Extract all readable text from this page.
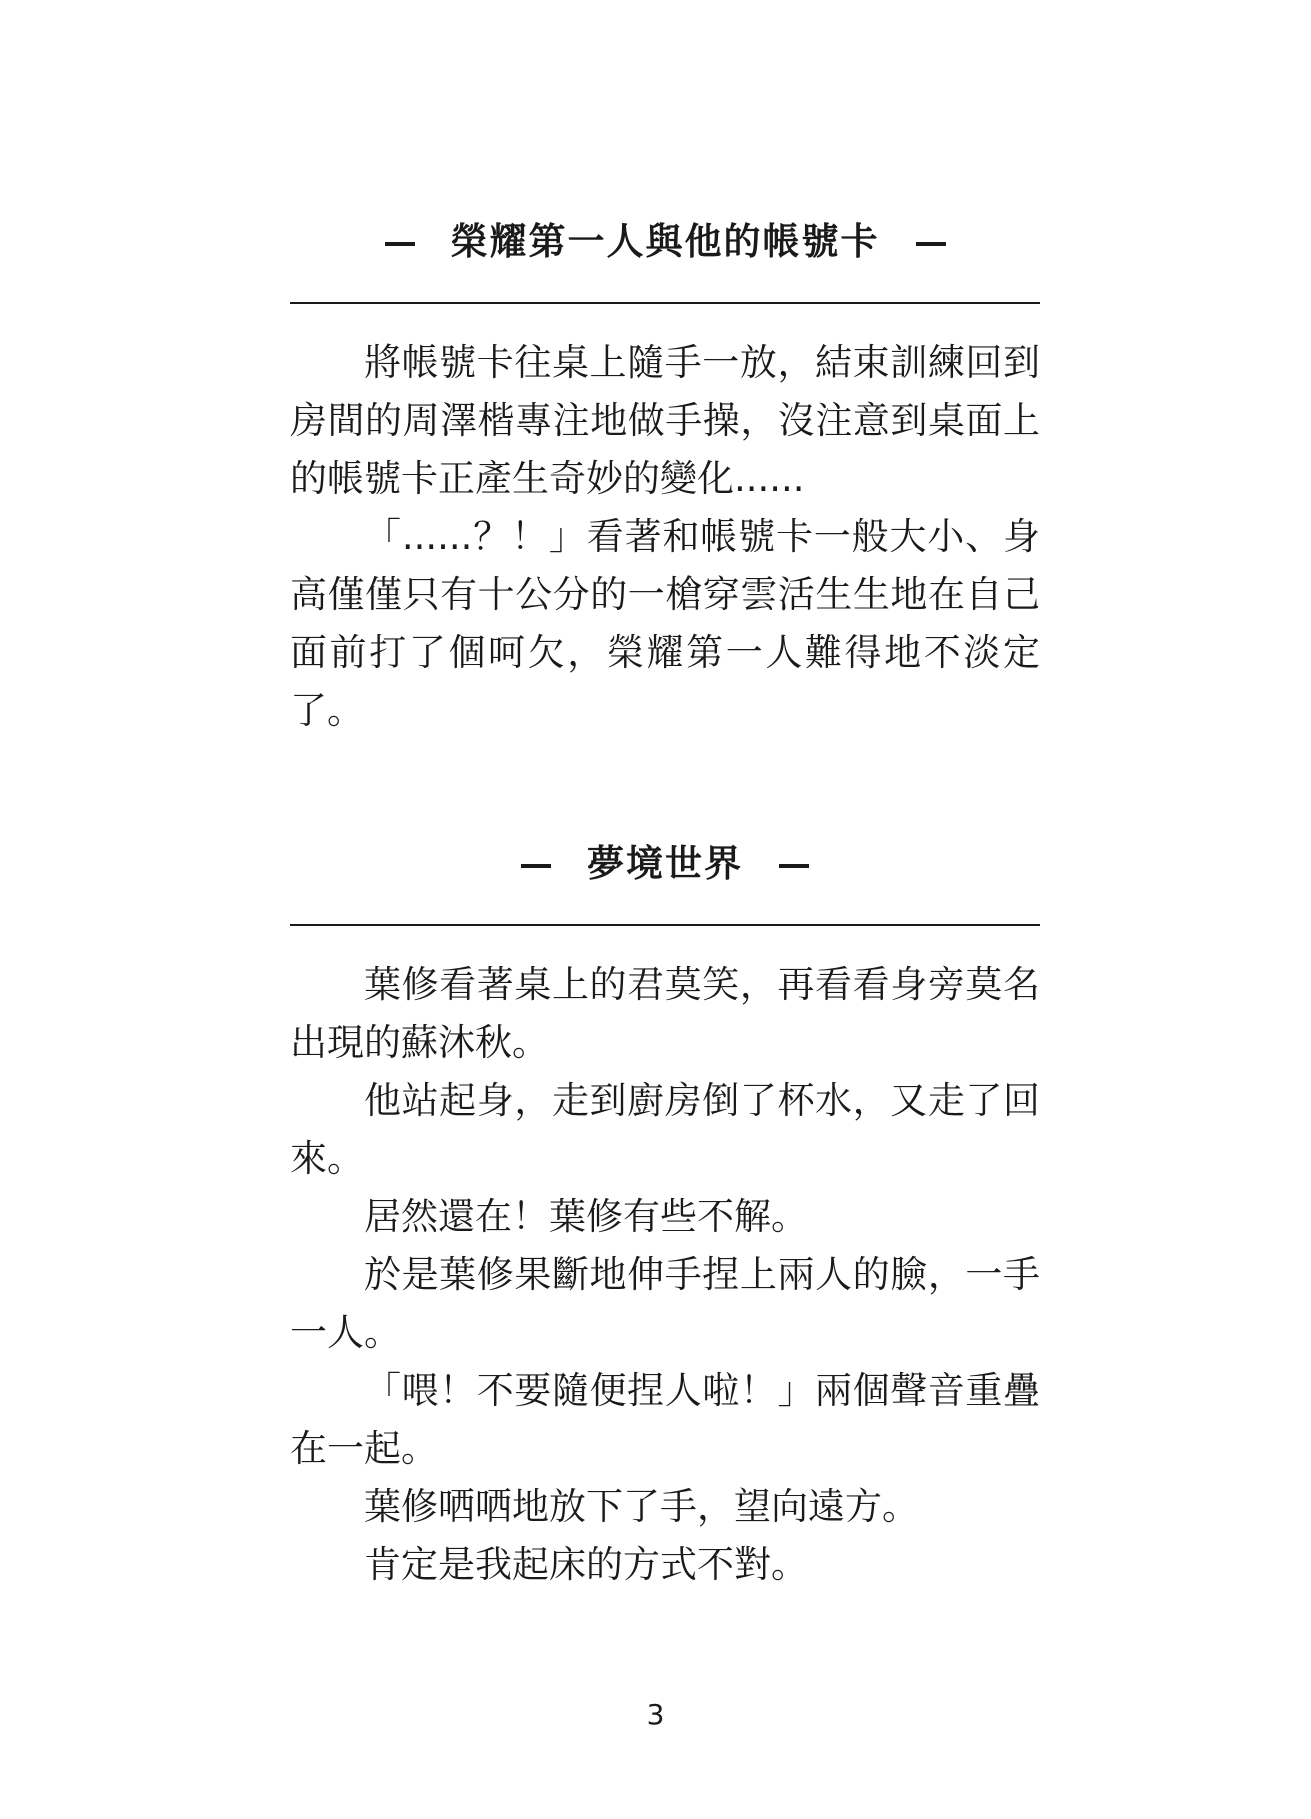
榮耀第一人與他的帳號卡

將帳號卡往桌上隨手一放，結束訓練回到房間的周澤楷專注地做手操，沒注意到桌面上的帳號卡正產生奇妙的變化......

「......？！」看著和帳號卡一般大小、身高僅僅只有十公分的一槍穿雲活生生地在自己面前打了個呵欠，榮耀第一人難得地不淡定了。

夢境世界

葉修看著桌上的君莫笑，再看看身旁莫名出現的蘇沐秋。

他站起身，走到廚房倒了杯水，又走了回來。

居然還在！葉修有些不解。

於是葉修果斷地伸手捏上兩人的臉，一手一人。

「喂！不要隨便捏人啦！」兩個聲音重疊在一起。

葉修哂哂地放下了手，望向遠方。

肯定是我起床的方式不對。

3
